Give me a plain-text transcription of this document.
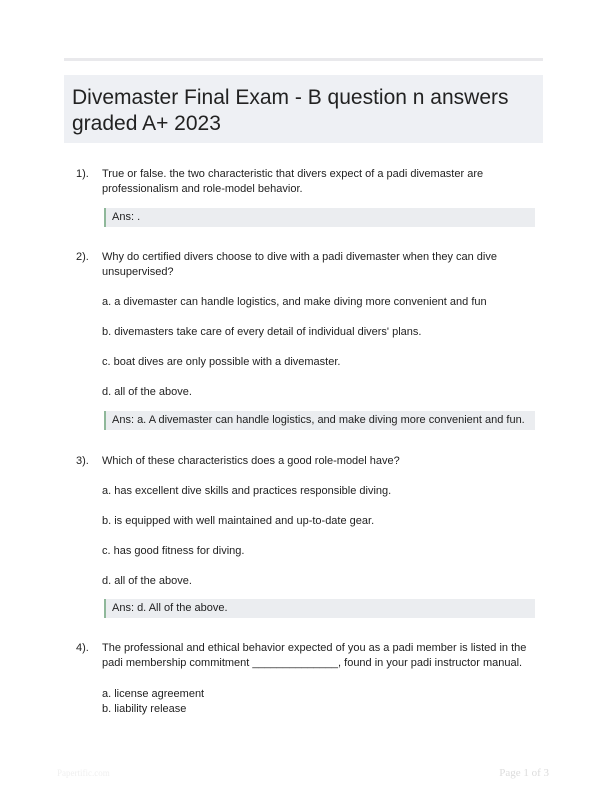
Divemaster Final Exam - B question n answers
graded A+ 2023
1). True or false. the two characteristic that divers expect of a padi divemaster are professionalism and role-model behavior.

Ans: .
2). Why do certified divers choose to dive with a padi divemaster when they can dive unsupervised?

a. a divemaster can handle logistics, and make diving more convenient and fun
b. divemasters take care of every detail of individual divers' plans.
c. boat dives are only possible with a divemaster.
d. all of the above.
Ans: a. A divemaster can handle logistics, and make diving more convenient and fun.
3). Which of these characteristics does a good role-model have?

a. has excellent dive skills and practices responsible diving.
b. is equipped with well maintained and up-to-date gear.
c. has good fitness for diving.
d. all of the above.
Ans: d. All of the above.
4). The professional and ethical behavior expected of you as a padi member is listed in the padi membership commitment ______________, found in your padi instructor manual.

a. license agreement
b. liability release
Papertific.com	Page 1 of 3
